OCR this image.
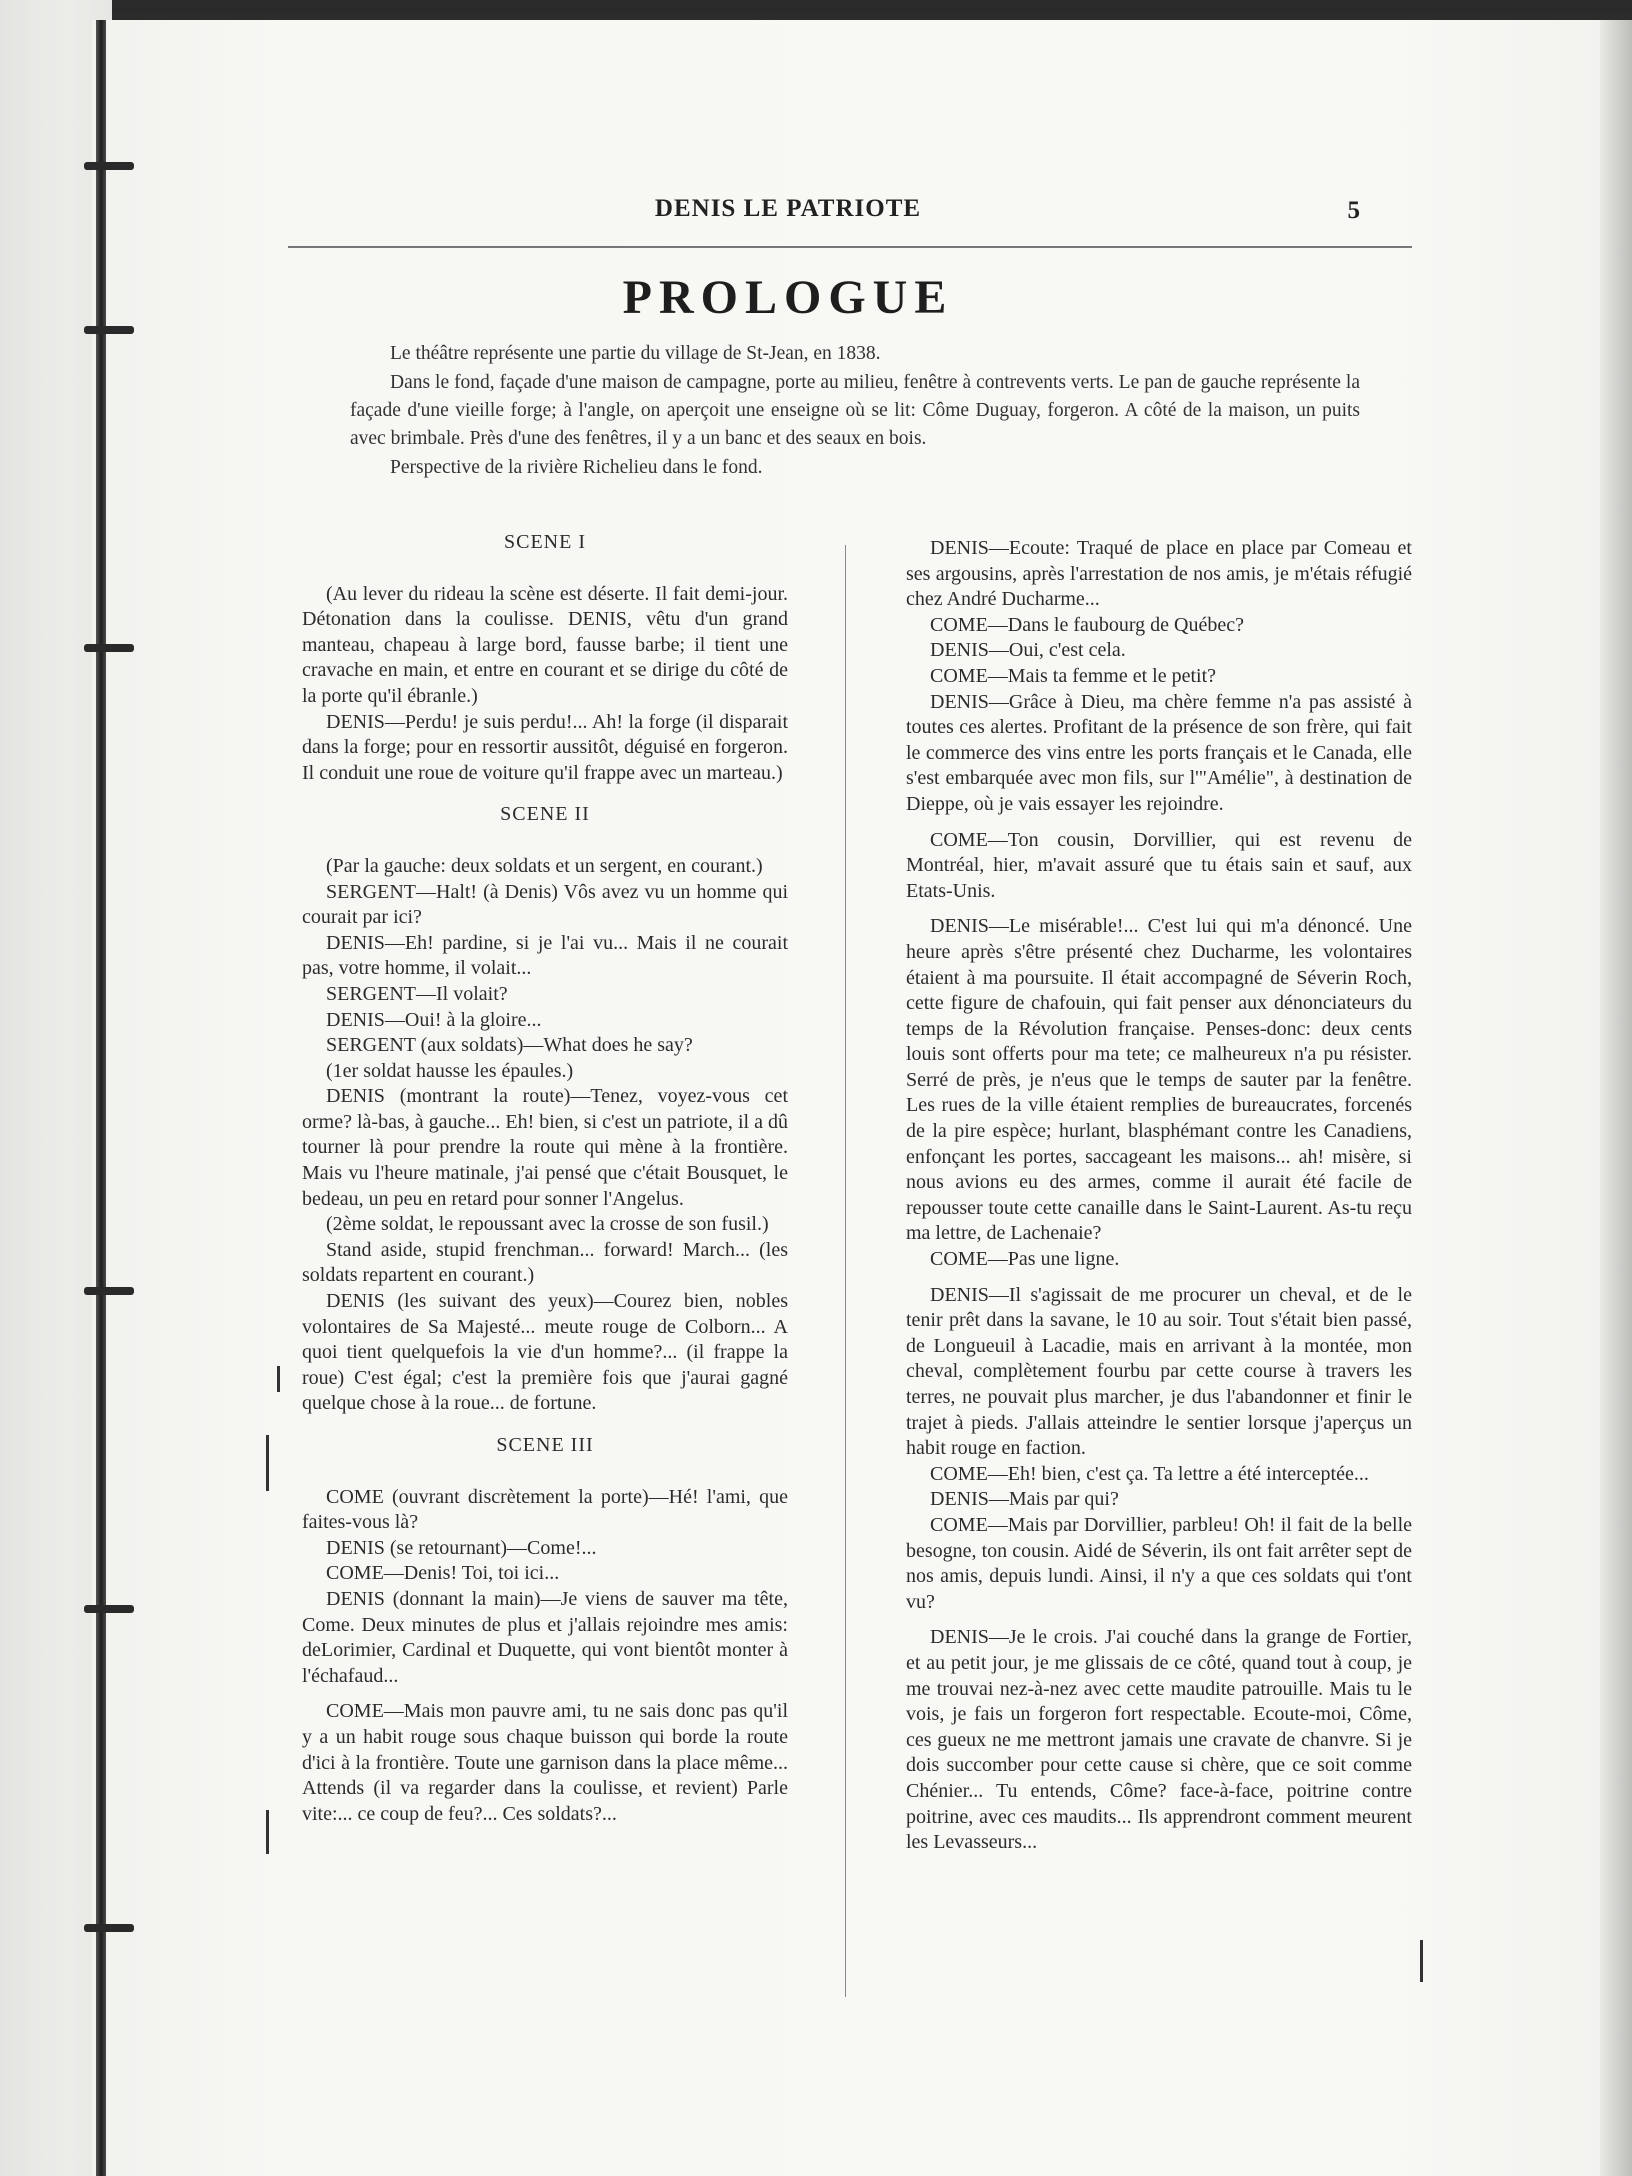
DENIS LE PATRIOTE	5
PROLOGUE

Le théâtre représente une partie du village de St-Jean, en 1838.

Dans le fond, façade d'une maison de campagne, porte au milieu, fenêtre à contrevents verts. Le pan de gauche représente la façade d'une vieille forge; à l'angle, on aperçoit une enseigne où se lit: Côme Duguay, forgeron. A côté de la maison, un puits avec brimbale. Près d'une des fenêtres, il y a un banc et des seaux en bois.

Perspective de la rivière Richelieu dans le fond.

SCENE I

(Au lever du rideau la scène est déserte. Il fait demi-jour. Détonation dans la coulisse. DENIS, vêtu d'un grand manteau, chapeau à large bord, fausse barbe; il tient une cravache en main, et entre en courant et se dirige du côté de la porte qu'il ébranle.)

DENIS—Perdu! je suis perdu!... Ah! la forge (il disparait dans la forge; pour en ressortir aussitôt, déguisé en forgeron. Il conduit une roue de voiture qu'il frappe avec un marteau.)

SCENE II

(Par la gauche: deux soldats et un sergent, en courant.)

SERGENT—Halt! (à Denis) Vôs avez vu un homme qui courait par ici?

DENIS—Eh! pardine, si je l'ai vu... Mais il ne courait pas, votre homme, il volait...

SERGENT—Il volait?

DENIS—Oui! à la gloire...

SERGENT (aux soldats)—What does he say?

(1er soldat hausse les épaules.)

DENIS (montrant la route)—Tenez, voyez-vous cet orme? là-bas, à gauche... Eh! bien, si c'est un patriote, il a dû tourner là pour prendre la route qui mène à la frontière. Mais vu l'heure matinale, j'ai pensé que c'était Bousquet, le bedeau, un peu en retard pour sonner l'Angelus.

(2ème soldat, le repoussant avec la crosse de son fusil.)

Stand aside, stupid frenchman... forward! March... (les soldats repartent en courant.)

DENIS (les suivant des yeux)—Courez bien, nobles volontaires de Sa Majesté... meute rouge de Colborn... A quoi tient quelquefois la vie d'un homme?... (il frappe la roue) C'est égal; c'est la première fois que j'aurai gagné quelque chose à la roue... de fortune.

SCENE III

COME (ouvrant discrètement la porte)—Hé! l'ami, que faites-vous là?

DENIS (se retournant)—Come!...

COME—Denis! Toi, toi ici...

DENIS (donnant la main)—Je viens de sauver ma tête, Come. Deux minutes de plus et j'allais rejoindre mes amis: deLorimier, Cardinal et Duquette, qui vont bientôt monter à l'échafaud...

COME—Mais mon pauvre ami, tu ne sais donc pas qu'il y a un habit rouge sous chaque buisson qui borde la route d'ici à la frontière. Toute une garnison dans la place même... Attends (il va regarder dans la coulisse, et revient) Parle vite:... ce coup de feu?... Ces soldats?...

DENIS—Ecoute: Traqué de place en place par Comeau et ses argousins, après l'arrestation de nos amis, je m'étais réfugié chez André Ducharme...

COME—Dans le faubourg de Québec?

DENIS—Oui, c'est cela.

COME—Mais ta femme et le petit?

DENIS—Grâce à Dieu, ma chère femme n'a pas assisté à toutes ces alertes. Profitant de la présence de son frère, qui fait le commerce des vins entre les ports français et le Canada, elle s'est embarquée avec mon fils, sur l'"Amélie", à destination de Dieppe, où je vais essayer les rejoindre.

COME—Ton cousin, Dorvillier, qui est revenu de Montréal, hier, m'avait assuré que tu étais sain et sauf, aux Etats-Unis.

DENIS—Le misérable!... C'est lui qui m'a dénoncé. Une heure après s'être présenté chez Ducharme, les volontaires étaient à ma poursuite. Il était accompagné de Séverin Roch, cette figure de chafouin, qui fait penser aux dénonciateurs du temps de la Révolution française. Penses-donc: deux cents louis sont offerts pour ma tete; ce malheureux n'a pu résister. Serré de près, je n'eus que le temps de sauter par la fenêtre. Les rues de la ville étaient remplies de bureaucrates, forcenés de la pire espèce; hurlant, blasphémant contre les Canadiens, enfonçant les portes, saccageant les maisons... ah! misère, si nous avions eu des armes, comme il aurait été facile de repousser toute cette canaille dans le Saint-Laurent. As-tu reçu ma lettre, de Lachenaie?

COME—Pas une ligne.

DENIS—Il s'agissait de me procurer un cheval, et de le tenir prêt dans la savane, le 10 au soir. Tout s'était bien passé, de Longueuil à Lacadie, mais en arrivant à la montée, mon cheval, complètement fourbu par cette course à travers les terres, ne pouvait plus marcher, je dus l'abandonner et finir le trajet à pieds. J'allais atteindre le sentier lorsque j'aperçus un habit rouge en faction.

COME—Eh! bien, c'est ça. Ta lettre a été interceptée...

DENIS—Mais par qui?

COME—Mais par Dorvillier, parbleu! Oh! il fait de la belle besogne, ton cousin. Aidé de Séverin, ils ont fait arrêter sept de nos amis, depuis lundi. Ainsi, il n'y a que ces soldats qui t'ont vu?

DENIS—Je le crois. J'ai couché dans la grange de Fortier, et au petit jour, je me glissais de ce côté, quand tout à coup, je me trouvai nez-à-nez avec cette maudite patrouille. Mais tu le vois, je fais un forgeron fort respectable. Ecoute-moi, Côme, ces gueux ne me mettront jamais une cravate de chanvre. Si je dois succomber pour cette cause si chère, que ce soit comme Chénier... Tu entends, Côme? face-à-face, poitrine contre poitrine, avec ces maudits... Ils apprendront comment meurent les Levasseurs...
